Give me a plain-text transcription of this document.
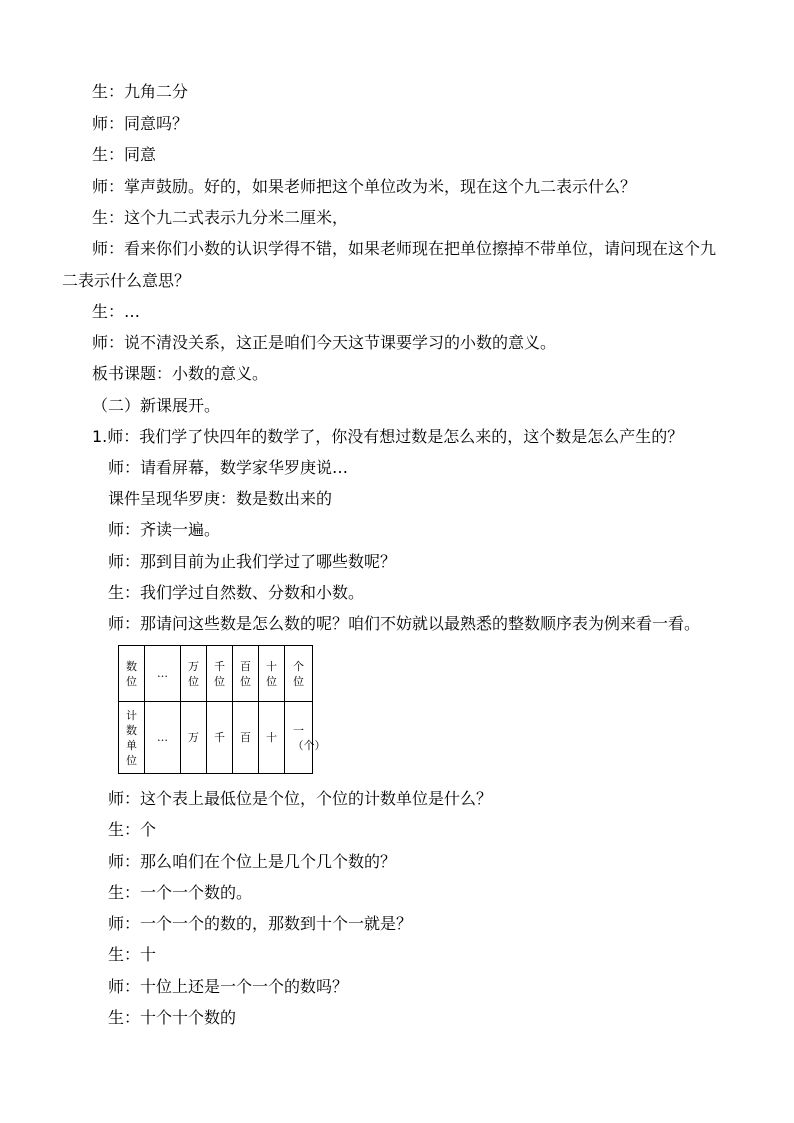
生：九角二分
师：同意吗？
生：同意
师：掌声鼓励。好的，如果老师把这个单位改为米，现在这个九二表示什么？
生：这个九二式表示九分米二厘米，
师：看来你们小数的认识学得不错，如果老师现在把单位擦掉不带单位，请问现在这个九
二表示什么意思？
生：…
师：说不清没关系，这正是咱们今天这节课要学习的小数的意义。
板书课题：小数的意义。
（二）新课展开。
1.师：我们学了快四年的数学了，你没有想过数是怎么来的，这个数是怎么产生的？
师：请看屏幕，数学家华罗庚说…
课件呈现华罗庚：数是数出来的
师：齐读一遍。
师：那到目前为止我们学过了哪些数呢？
生：我们学过自然数、分数和小数。
师：那请问这些数是怎么数的呢？咱们不妨就以最熟悉的整数顺序表为例来看一看。
数位	…	万位	千位	百位	十位	个位
计数单位	…	万	千	百	十	一（个）
师：这个表上最低位是个位，个位的计数单位是什么？
生：个
师：那么咱们在个位上是几个几个数的？
生：一个一个数的。
师：一个一个的数的，那数到十个一就是？
生：十
师：十位上还是一个一个的数吗？
生：十个十个数的
